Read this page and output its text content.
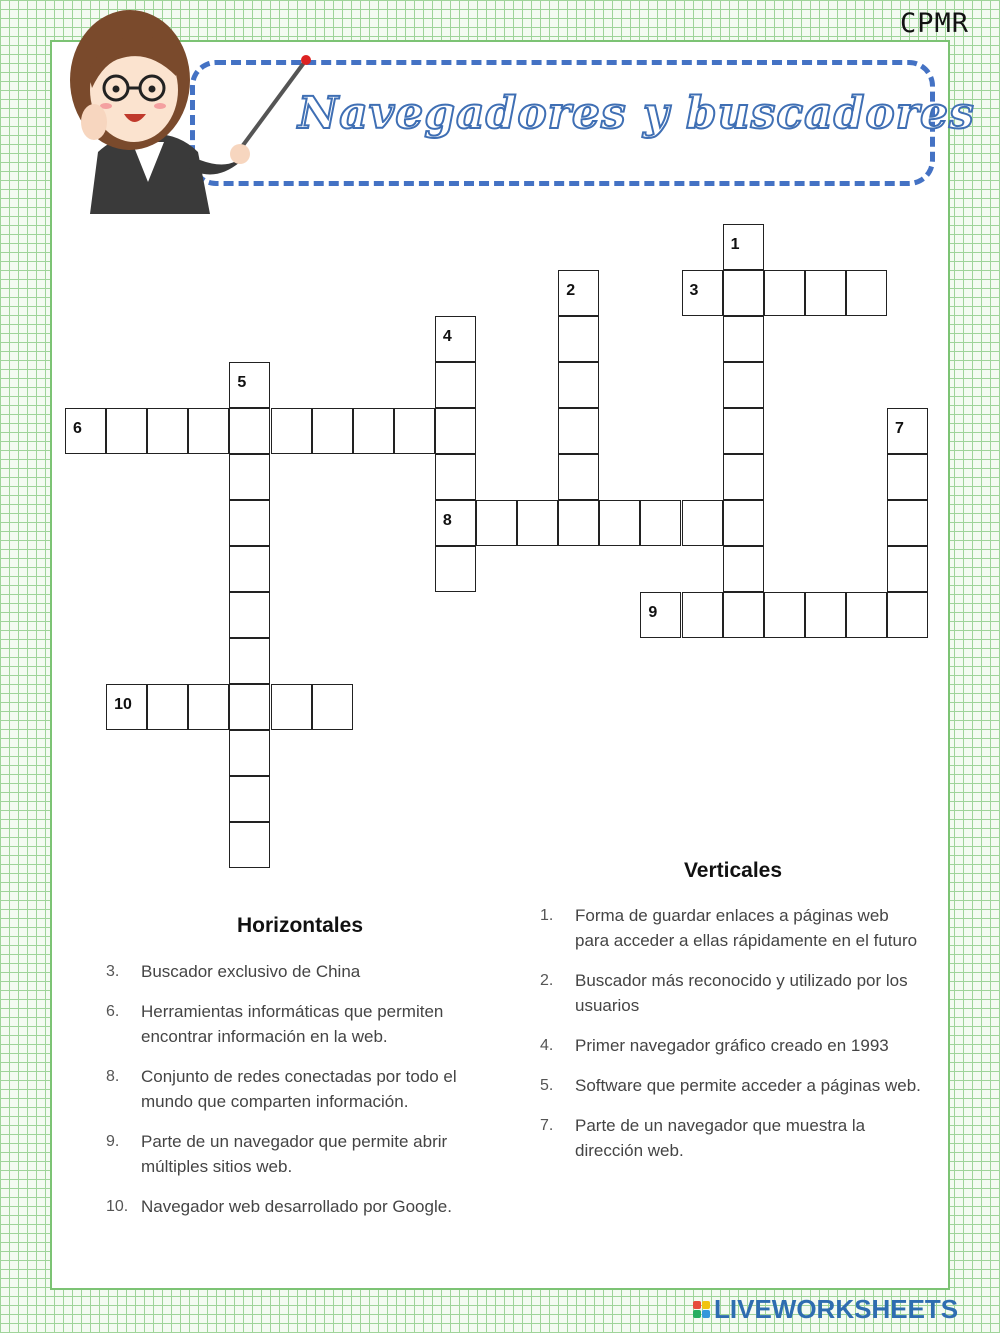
CPMR
Navegadores y buscadores
6
8
9
10
3
1
2
4
5
7
Horizontales
Verticales
3.	Buscador exclusivo de China
6.	Herramientas informáticas que permiten encontrar información en la web.
8.	Conjunto de redes conectadas por todo el mundo que comparten información.
9.	Parte de un navegador que permite abrir múltiples sitios web.
10. Navegador web desarrollado por Google.
1.	Forma de guardar enlaces a páginas web para acceder a ellas rápidamente en el futuro
2.	Buscador más reconocido y utilizado por los usuarios
4.	Primer navegador gráfico creado en 1993
5.	Software que permite acceder a páginas web.
7.	Parte de un navegador que muestra la dirección web.
LIVEWORKSHEETS
